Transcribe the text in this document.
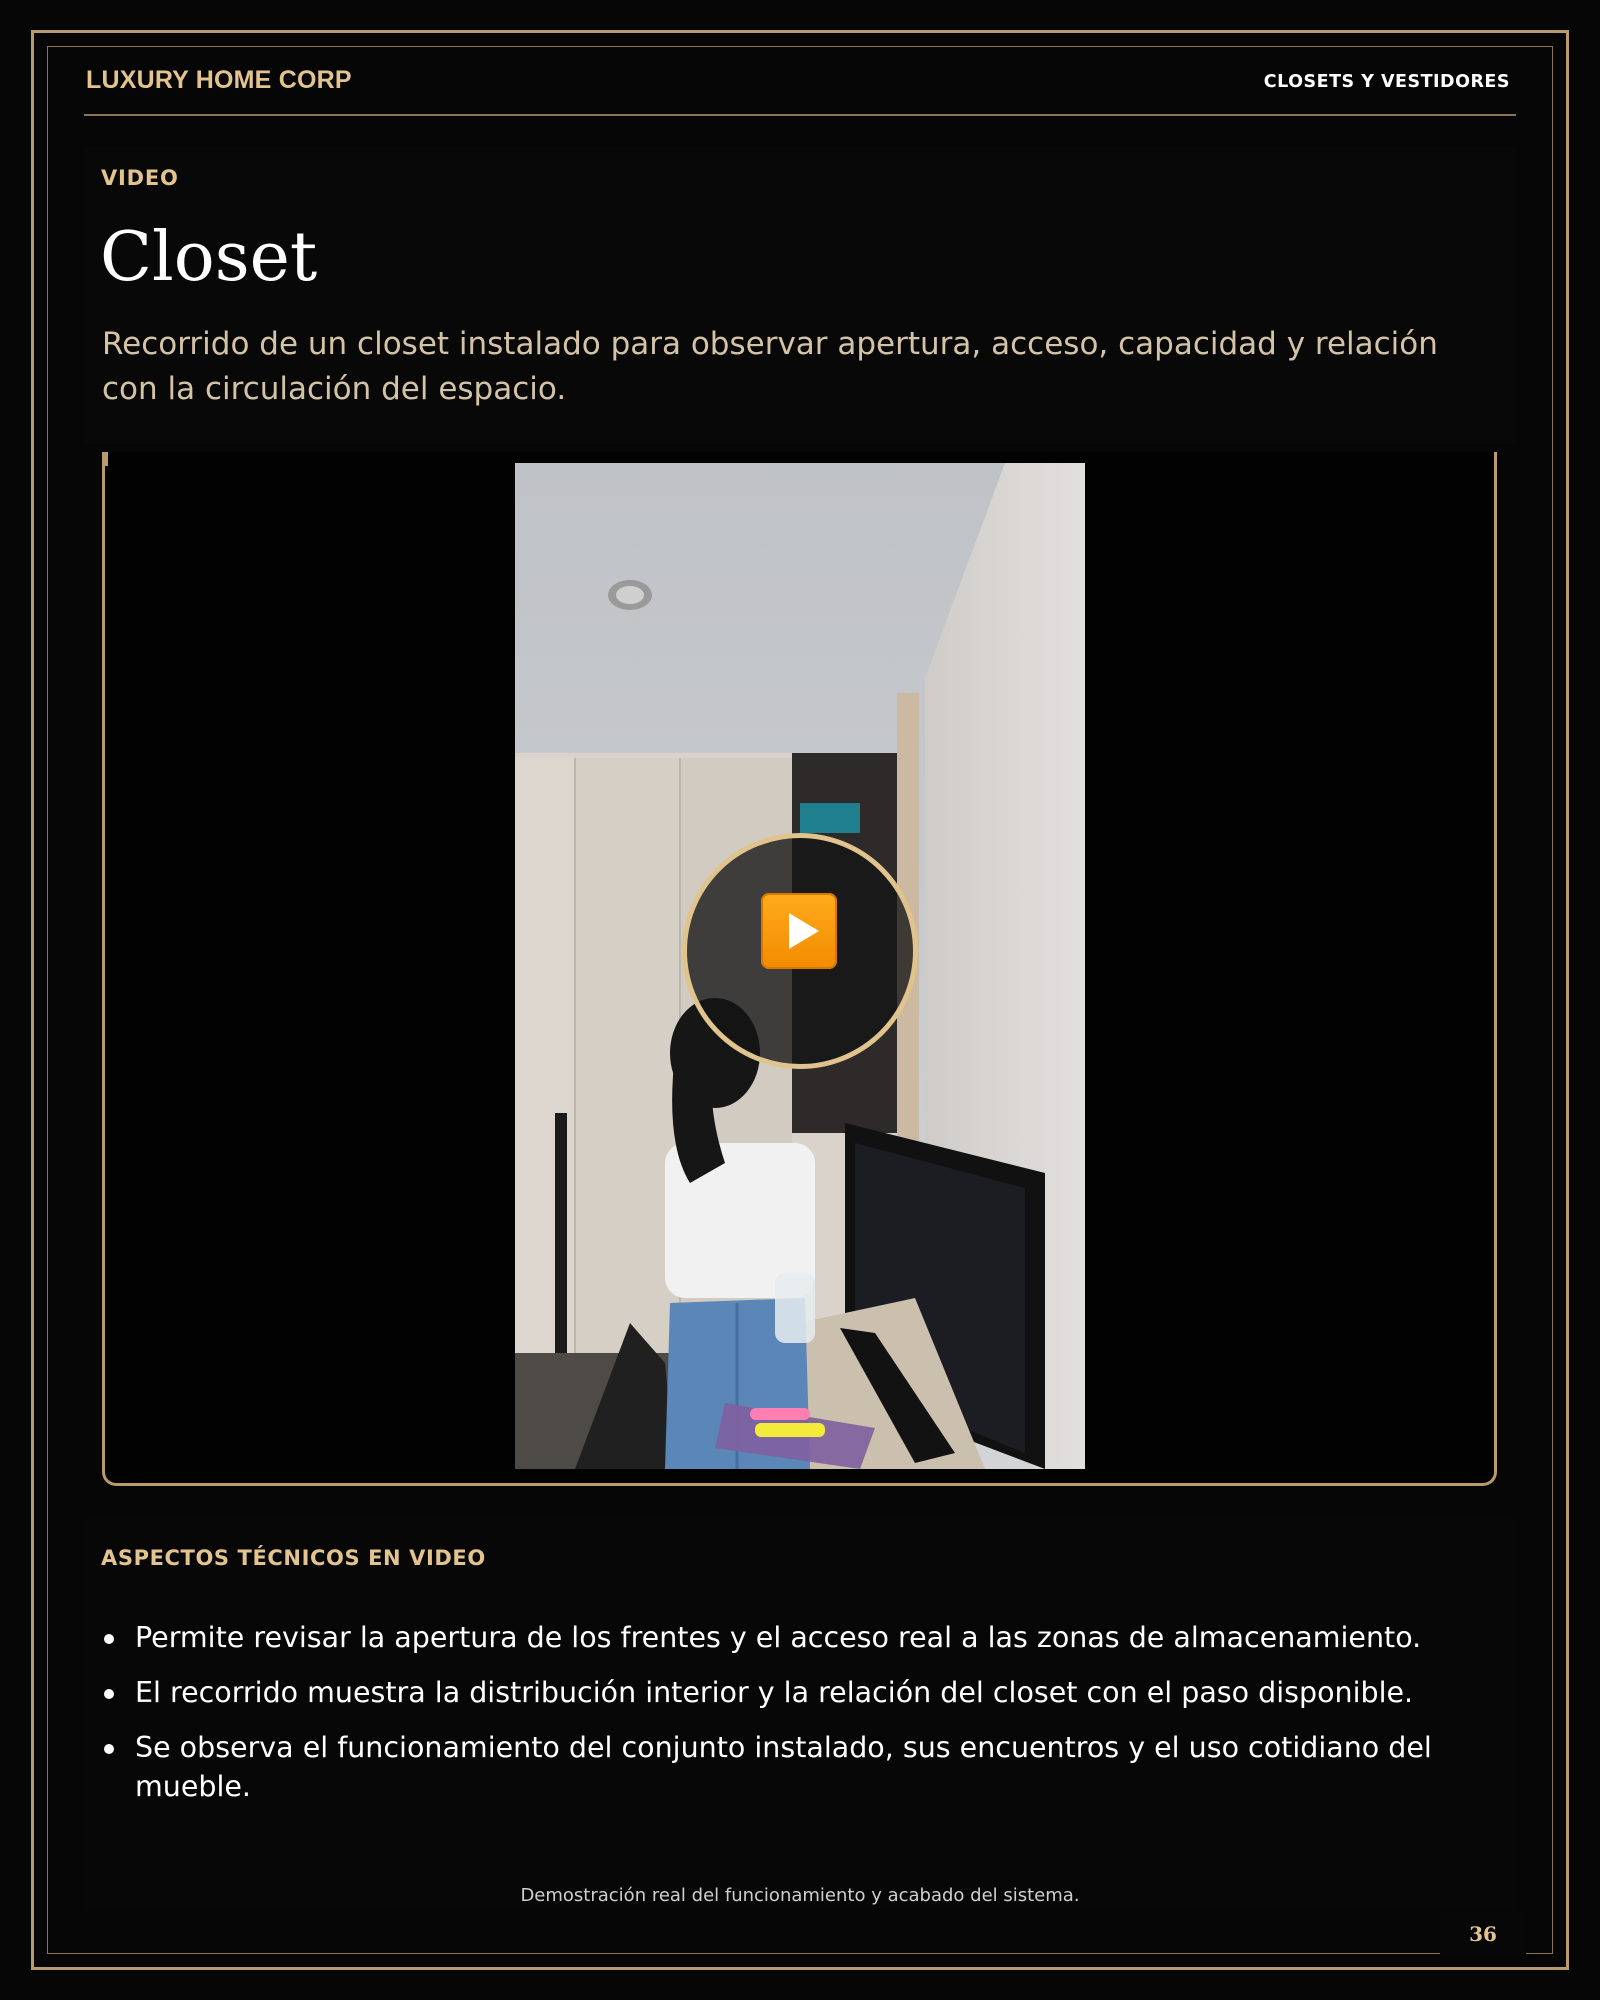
LUXURY HOME CORP	CLOSETS Y VESTIDORES
VIDEO
Closet

Recorrido de un closet instalado para observar apertura, acceso, capacidad y relación con la circulación del espacio.

ASPECTOS TÉCNICOS EN VIDEO
Permite revisar la apertura de los frentes y el acceso real a las zonas de almacenamiento.
El recorrido muestra la distribución interior y la relación del closet con el paso disponible.
Se observa el funcionamiento del conjunto instalado, sus encuentros y el uso cotidiano del mueble.
Demostración real del funcionamiento y acabado del sistema.
36
